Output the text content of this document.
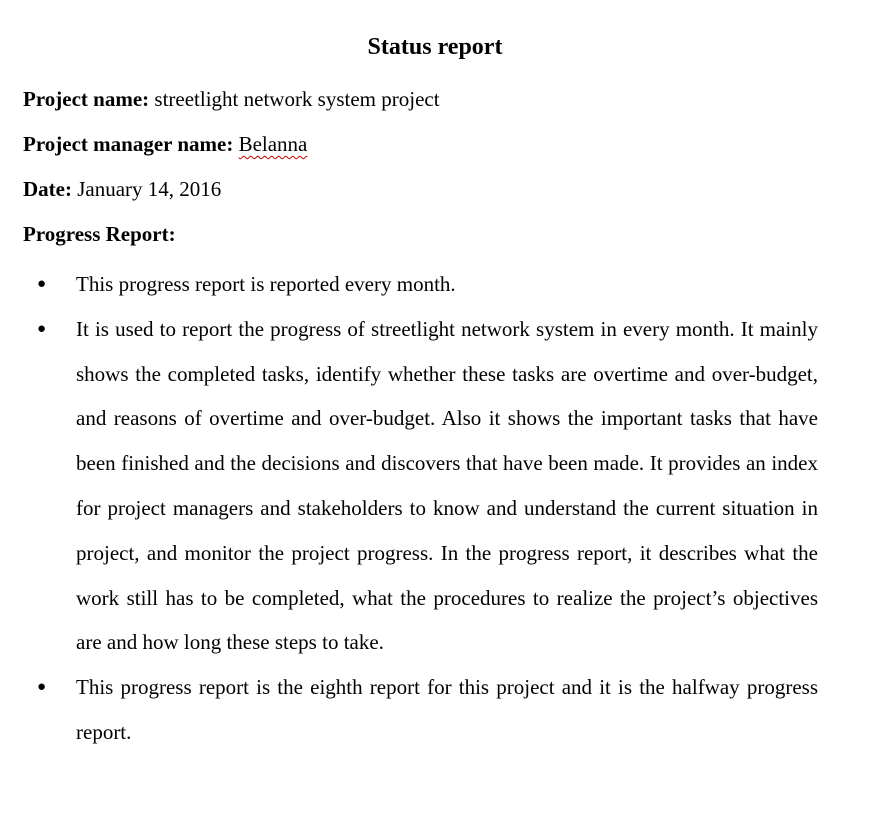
Status report
Project name: streetlight network system project
Project manager name: Belanna
Date: January 14, 2016
Progress Report:
● This progress report is reported every month.
● It is used to report the progress of streetlight network system in every month. It mainly shows the completed tasks, identify whether these tasks are overtime and over-budget, and reasons of overtime and over-budget. Also it shows the important tasks that have been finished and the decisions and discovers that have been made. It provides an index for project managers and stakeholders to know and understand the current situation in project, and monitor the project progress. In the progress report, it describes what the work still has to be completed, what the procedures to realize the project’s objectives are and how long these steps to take.
● This progress report is the eighth report for this project and it is the halfway progress report.
